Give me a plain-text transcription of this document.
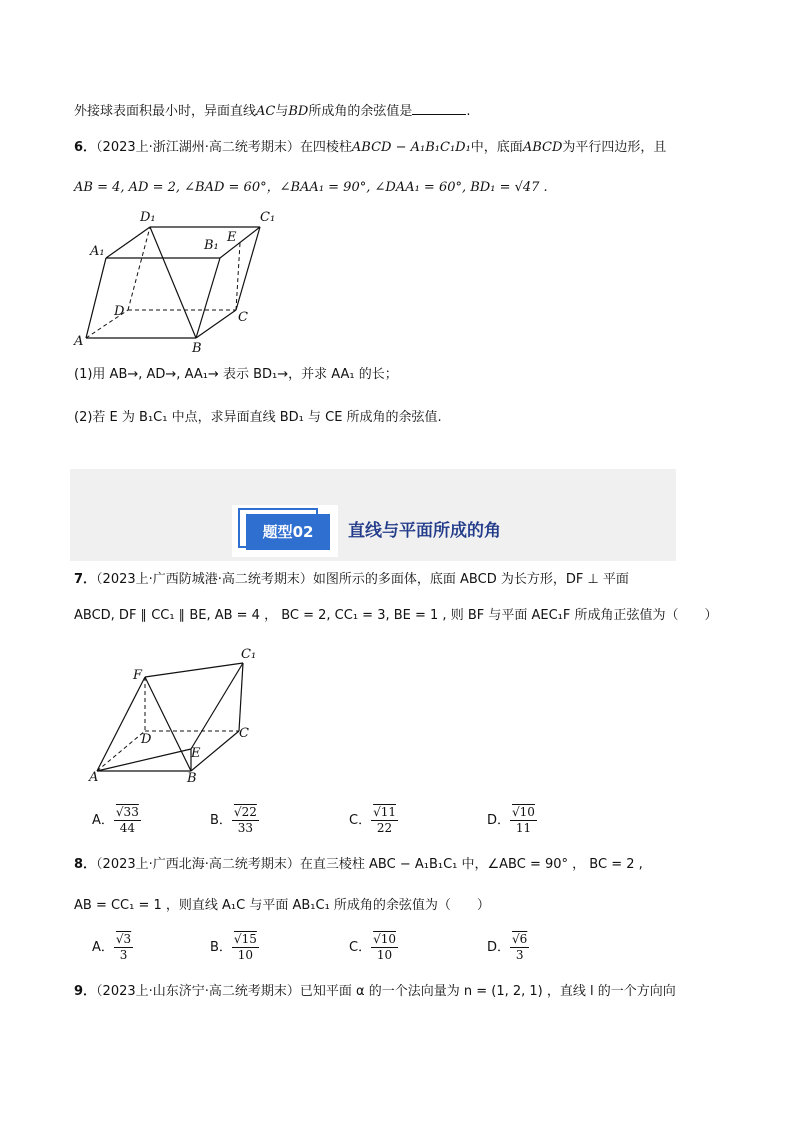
外接球表面积最小时，异面直线AC与BD所成角的余弦值是	.
6．（2023上·浙江湖州·高二统考期末）在四棱柱ABCD − A₁B₁C₁D₁中，底面ABCD为平行四边形，且
AB = 4, AD = 2, ∠BAD = 60°，∠BAA₁ = 90°, ∠DAA₁ = 60°, BD₁ = √47 .
D₁	C₁
A₁	B₁
E
D	C
A	B
(1)用 AB→, AD→, AA₁→ 表示 BD₁→，并求 AA₁ 的长；
(2)若 E 为 B₁C₁ 中点，求异面直线 BD₁ 与 CE 所成角的余弦值.
题型02	直线与平面所成的角
7．（2023上·广西防城港·高二统考期末）如图所示的多面体，底面 ABCD 为长方形，DF ⊥ 平面
ABCD, DF ∥ CC₁ ∥ BE, AB = 4 ， BC = 2, CC₁ = 3, BE = 1 , 则 BF 与平面 AEC₁F 所成角正弦值为（　　）
C₁
F
D	C
E
A	B
A． $\frac{√33}{44}$	B． $\frac{√22}{33}$	C． $\frac{√11}{22}$	D． $\frac{√10}{11}$
8．（2023上·广西北海·高二统考期末）在直三棱柱 ABC − A₁B₁C₁ 中，∠ABC = 90° ， BC = 2 ,
AB = CC₁ = 1 ，则直线 A₁C 与平面 AB₁C₁ 所成角的余弦值为（　　）
A． $\frac{√3}{3}$	B． $\frac{√15}{10}$	C． $\frac{√10}{10}$	D． $\frac{√6}{3}$
9．（2023上·山东济宁·高二统考期末）已知平面 α 的一个法向量为 n = (1, 2, 1) ，直线 l 的一个方向向
